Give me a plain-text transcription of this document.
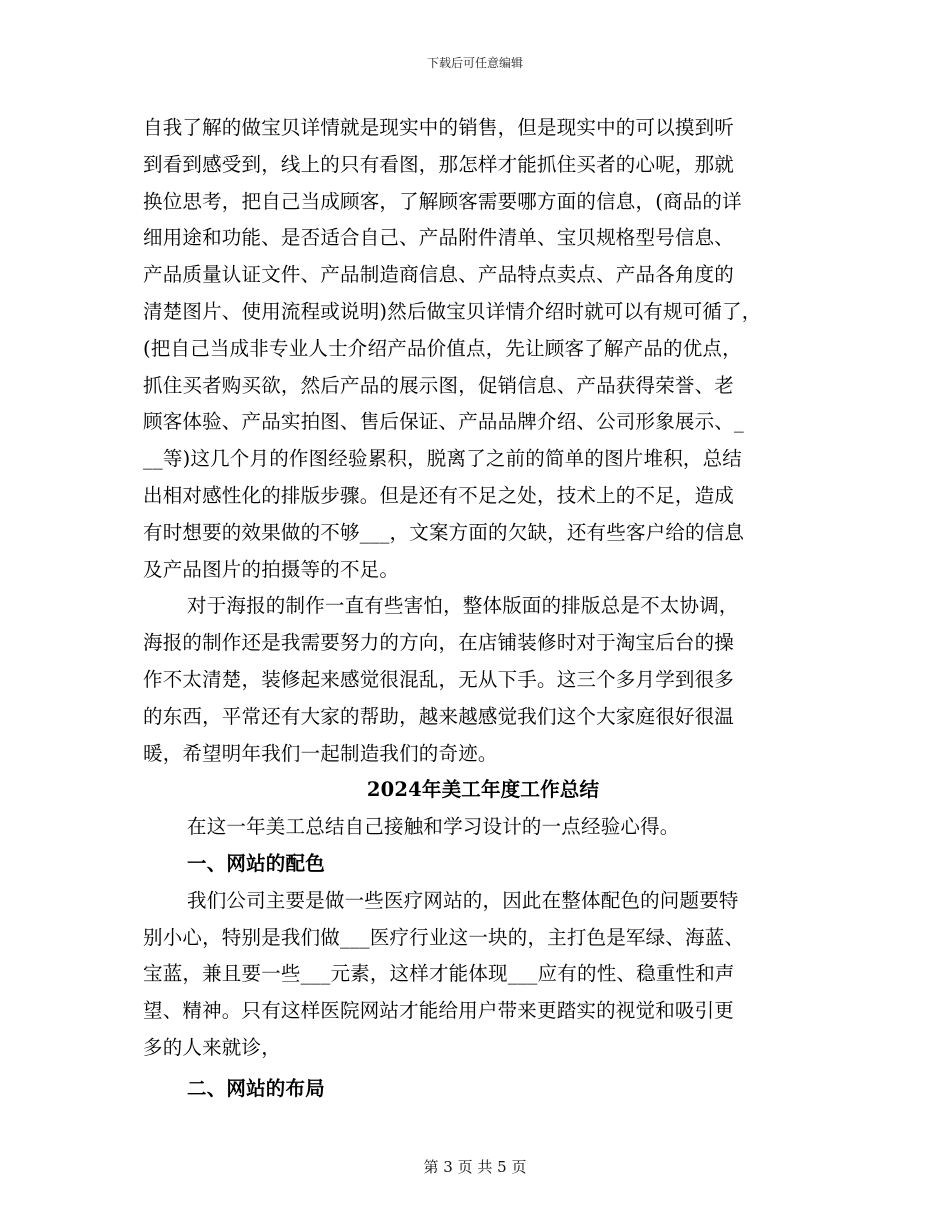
下载后可任意编辑
自我了解的做宝贝详情就是现实中的销售，但是现实中的可以摸到听
到看到感受到，线上的只有看图，那怎样才能抓住买者的心呢，那就
换位思考，把自己当成顾客，了解顾客需要哪方面的信息，(商品的详
细用途和功能、是否适合自己、产品附件清单、宝贝规格型号信息、
产品质量认证文件、产品制造商信息、产品特点卖点、产品各角度的
清楚图片、使用流程或说明)然后做宝贝详情介绍时就可以有规可循了，
(把自己当成非专业人士介绍产品价值点，先让顾客了解产品的优点，
抓住买者购买欲，然后产品的展示图，促销信息、产品获得荣誉、老
顾客体验、产品实拍图、售后保证、产品品牌介绍、公司形象展示、_
__等)这几个月的作图经验累积，脱离了之前的简单的图片堆积，总结
出相对感性化的排版步骤。但是还有不足之处，技术上的不足，造成
有时想要的效果做的不够___，文案方面的欠缺，还有些客户给的信息
及产品图片的拍摄等的不足。
对于海报的制作一直有些害怕，整体版面的排版总是不太协调，
海报的制作还是我需要努力的方向，在店铺装修时对于淘宝后台的操
作不太清楚，装修起来感觉很混乱，无从下手。这三个多月学到很多
的东西，平常还有大家的帮助，越来越感觉我们这个大家庭很好很温
暖，希望明年我们一起制造我们的奇迹。
2024年美工年度工作总结
在这一年美工总结自己接触和学习设计的一点经验心得。
一、网站的配色
我们公司主要是做一些医疗网站的，因此在整体配色的问题要特
别小心，特别是我们做___医疗行业这一块的，主打色是军绿、海蓝、
宝蓝，兼且要一些___元素，这样才能体现___应有的性、稳重性和声
望、精神。只有这样医院网站才能给用户带来更踏实的视觉和吸引更
多的人来就诊，
二、网站的布局
第 3 页 共 5 页
